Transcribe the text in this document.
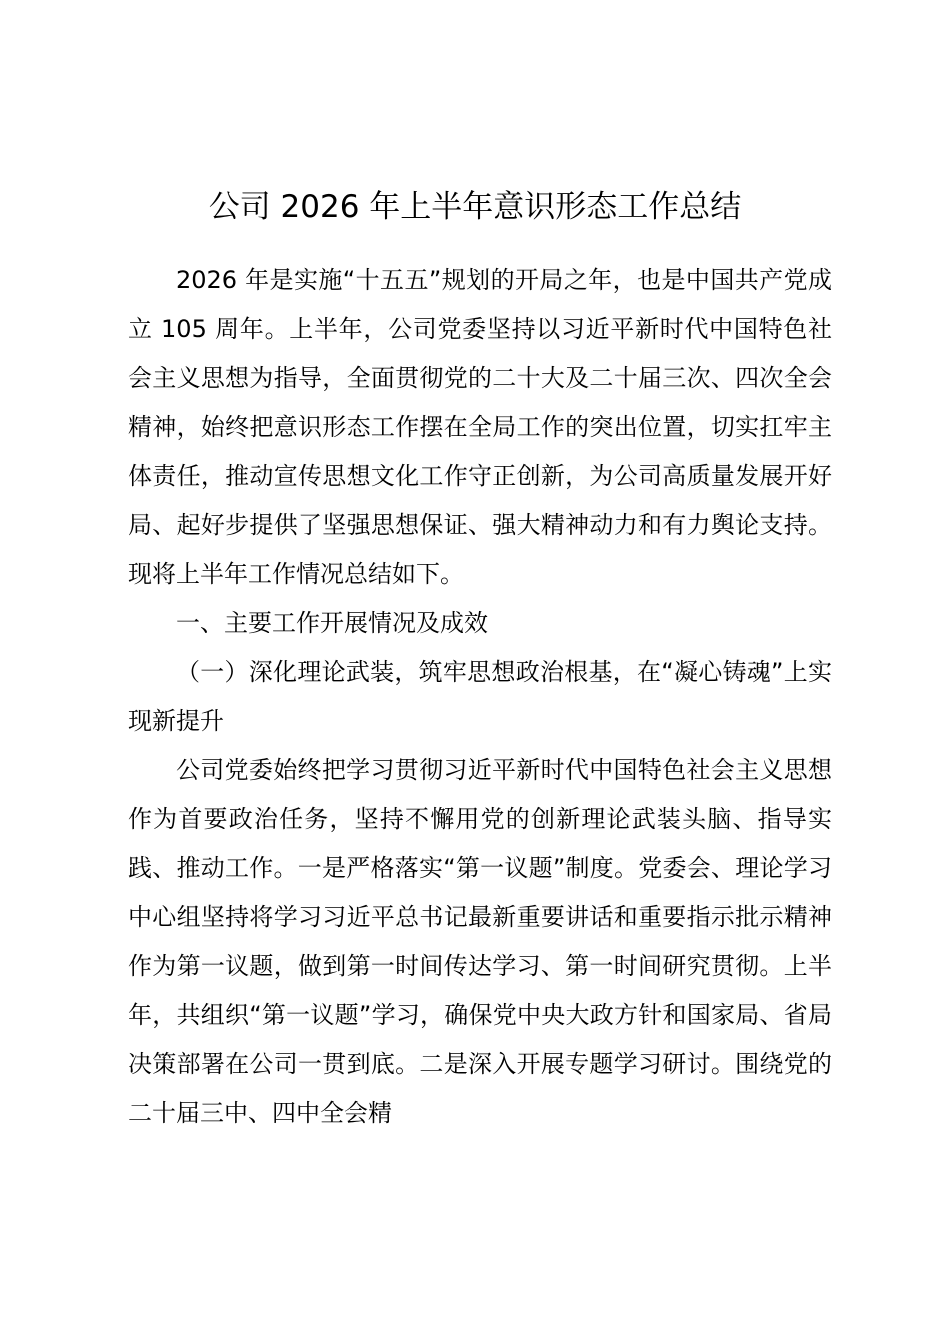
公司 2026 年上半年意识形态工作总结

2026 年是实施“十五五”规划的开局之年，也是中国共产党成立 105 周年。上半年，公司党委坚持以习近平新时代中国特色社会主义思想为指导，全面贯彻党的二十大及二十届三次、四次全会精神，始终把意识形态工作摆在全局工作的突出位置，切实扛牢主体责任，推动宣传思想文化工作守正创新，为公司高质量发展开好局、起好步提供了坚强思想保证、强大精神动力和有力舆论支持。现将上半年工作情况总结如下。

一、主要工作开展情况及成效

（一）深化理论武装，筑牢思想政治根基，在“凝心铸魂”上实现新提升

公司党委始终把学习贯彻习近平新时代中国特色社会主义思想作为首要政治任务，坚持不懈用党的创新理论武装头脑、指导实践、推动工作。一是严格落实“第一议题”制度。党委会、理论学习中心组坚持将学习习近平总书记最新重要讲话和重要指示批示精神作为第一议题，做到第一时间传达学习、第一时间研究贯彻。上半年，共组织“第一议题”学习，确保党中央大政方针和国家局、省局决策部署在公司一贯到底。二是深入开展专题学习研讨。围绕党的二十届三中、四中全会精
